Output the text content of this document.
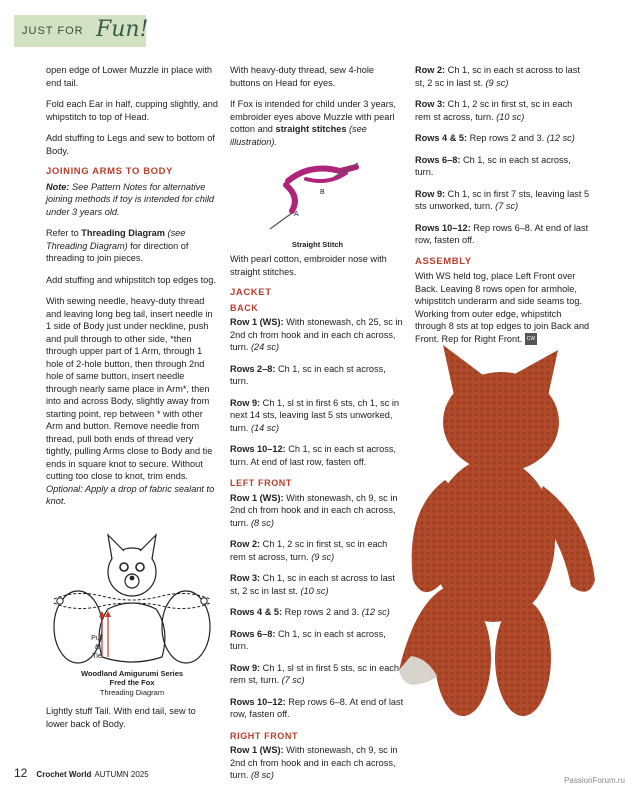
JUST FOR Fun!

open edge of Lower Muzzle in place with end tail.

Fold each Ear in half, cupping slightly, and whipstitch to top of Head.

Add stuffing to Legs and sew to bottom of Body.

JOINING ARMS TO BODY

Note: See Pattern Notes for alternative joining methods if toy is intended for child under 3 years old.

Refer to Threading Diagram (see Threading Diagram) for direction of threading to join pieces.

Add stuffing and whipstitch top edges tog.

With sewing needle, heavy-duty thread and leaving long beg tail, insert needle in 1 side of Body just under neckline, push and pull through to other side, *then through upper part of 1 Arm, through 1 hole of 2-hole button, then through 2nd hole of same button, insert needle through nearly same place in Arm*, then into and across Body, slightly away from starting point, rep between * with other Arm and button. Remove needle from thread, pull both ends of thread very tightly, pulling Arms close to Body and tie ends in square knot to secure. Without cutting too close to knot, trim ends. Optional: Apply a drop of fabric sealant to knot.

Pull
&
Tie
Woodland Amigurumi Series
Fred the Fox
Threading Diagram

Lightly stuff Tail. With end tail, sew to lower back of Body.

With heavy-duty thread, sew 4-hole buttons on Head for eyes.

If Fox is intended for child under 3 years, embroider eyes above Muzzle with pearl cotton and straight stitches (see illustration).

B
A
Straight Stitch

With pearl cotton, embroider nose with straight stitches.

JACKET
BACK

Row 1 (WS): With stonewash, ch 25, sc in 2nd ch from hook and in each ch across, turn. (24 sc)

Rows 2–8: Ch 1, sc in each st across, turn.

Row 9: Ch 1, sl st in first 6 sts, ch 1, sc in next 14 sts, leaving last 5 sts unworked, turn. (14 sc)

Rows 10–12: Ch 1, sc in each st across, turn. At end of last row, fasten off.

LEFT FRONT

Row 1 (WS): With stonewash, ch 9, sc in 2nd ch from hook and in each ch across, turn. (8 sc)

Row 2: Ch 1, 2 sc in first st, sc in each rem st across, turn. (9 sc)

Row 3: Ch 1, sc in each st across to last st, 2 sc in last st. (10 sc)

Rows 4 & 5: Rep rows 2 and 3. (12 sc)

Rows 6–8: Ch 1, sc in each st across, turn.

Row 9: Ch 1, sl st in first 5 sts, sc in each rem st, turn. (7 sc)

Rows 10–12: Rep rows 6–8. At end of last row, fasten off.

RIGHT FRONT

Row 1 (WS): With stonewash, ch 9, sc in 2nd ch from hook and in each ch across, turn. (8 sc)

Row 2: Ch 1, sc in each st across to last st, 2 sc in last st. (9 sc)

Row 3: Ch 1, 2 sc in first st, sc in each rem st across, turn. (10 sc)

Rows 4 & 5: Rep rows 2 and 3. (12 sc)

Rows 6–8: Ch 1, sc in each st across, turn.

Row 9: Ch 1, sc in first 7 sts, leaving last 5 sts unworked, turn. (7 sc)

Rows 10–12: Rep rows 6–8. At end of last row, fasten off.

ASSEMBLY

With WS held tog, place Left Front over Back. Leaving 8 rows open for armhole, whipstitch underarm and side seams tog. Working from outer edge, whipstitch through 8 sts at top edges to join Back and Front. Rep for Right Front. CW

12 Crochet World AUTUMN 2025
PassionForum.ru
